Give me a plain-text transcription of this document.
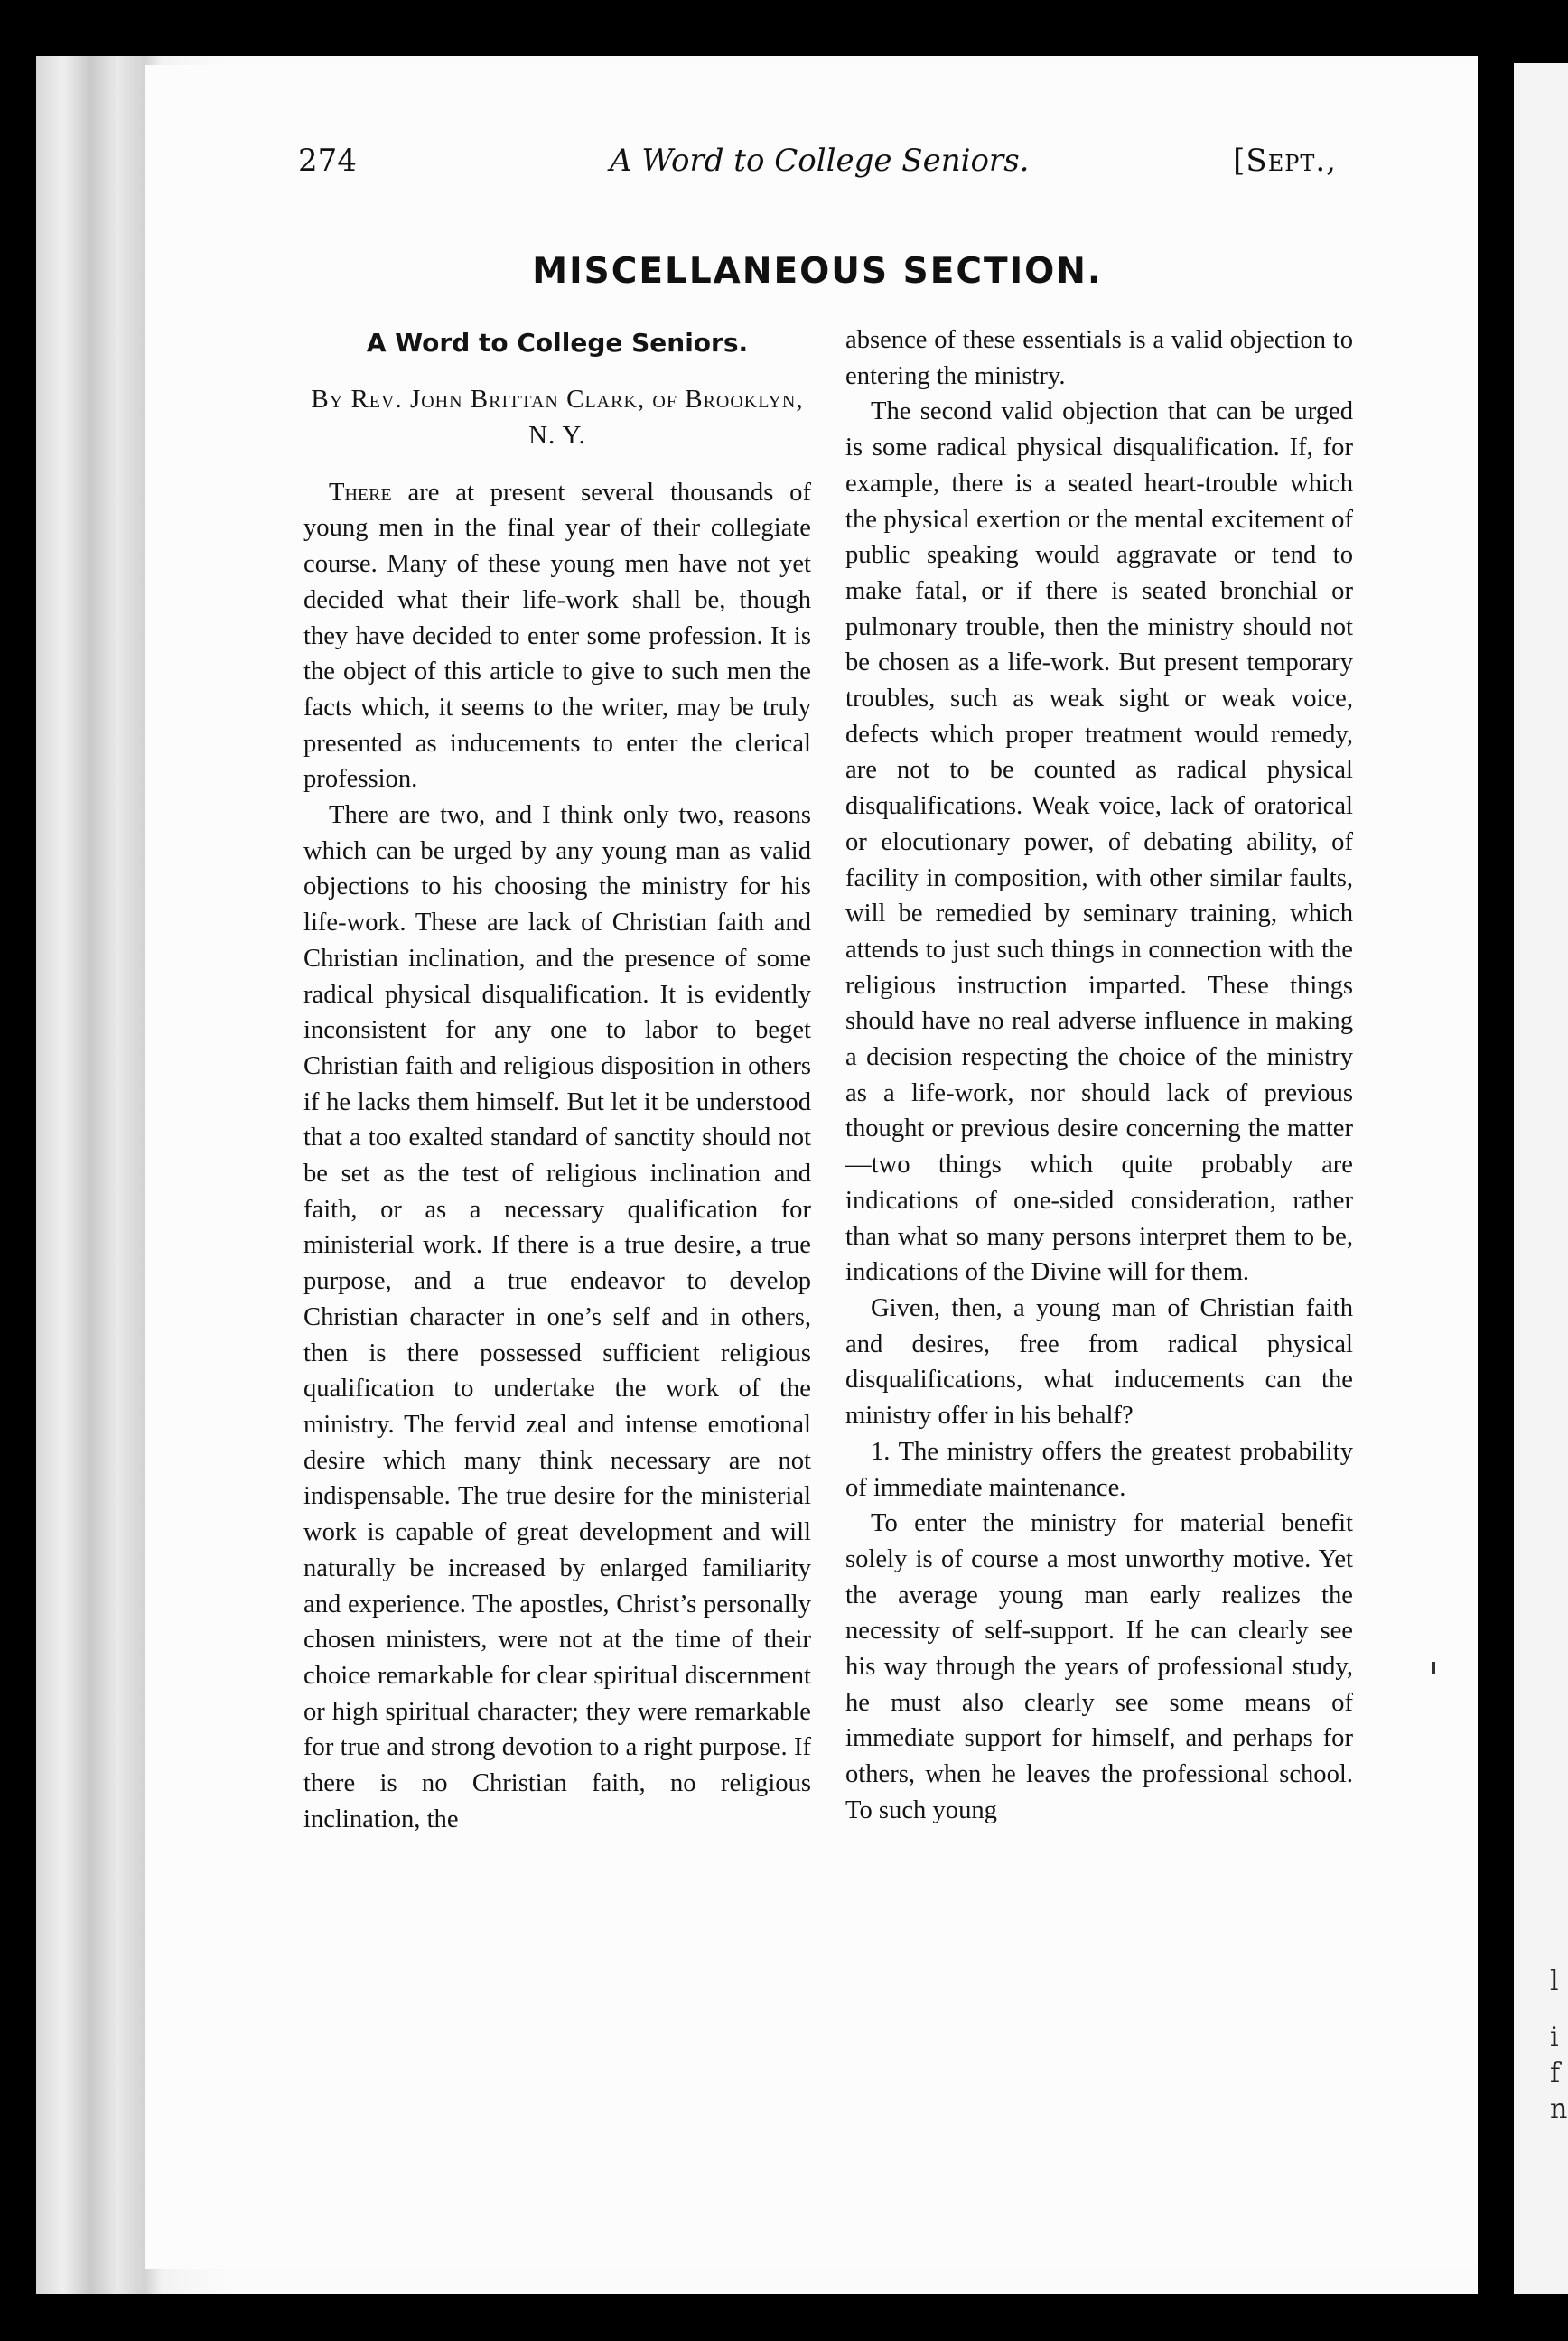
l
i
f
n
274	A Word to College Seniors.	[Sept.,
MISCELLANEOUS SECTION.
A Word to College Seniors.
By Rev. John Brittan Clark, of Brooklyn, N. Y.
There are at present several thousands of young men in the final year of their collegiate course. Many of these young men have not yet decided what their life-work shall be, though they have decided to enter some profession. It is the object of this article to give to such men the facts which, it seems to the writer, may be truly presented as inducements to enter the clerical profession.
There are two, and I think only two, reasons which can be urged by any young man as valid objections to his choosing the ministry for his life-work. These are lack of Christian faith and Christian inclination, and the presence of some radical physical disqualification. It is evidently inconsistent for any one to labor to beget Christian faith and religious disposition in others if he lacks them himself. But let it be understood that a too exalted standard of sanctity should not be set as the test of religious inclination and faith, or as a necessary qualification for ministerial work. If there is a true desire, a true purpose, and a true endeavor to develop Christian character in one’s self and in others, then is there possessed sufficient religious qualification to undertake the work of the ministry. The fervid zeal and intense emotional desire which many think necessary are not indispensable. The true desire for the ministerial work is capable of great development and will naturally be increased by enlarged familiarity and experience. The apostles, Christ’s personally chosen ministers, were not at the time of their choice remarkable for clear spiritual discernment or high spiritual character; they were remarkable for true and strong devotion to a right purpose. If there is no Christian faith, no religious inclination, the
absence of these essentials is a valid objection to entering the ministry.
The second valid objection that can be urged is some radical physical disqualification. If, for example, there is a seated heart-trouble which the physical exertion or the mental excitement of public speaking would aggravate or tend to make fatal, or if there is seated bronchial or pulmonary trouble, then the ministry should not be chosen as a life-work. But present temporary troubles, such as weak sight or weak voice, defects which proper treatment would remedy, are not to be counted as radical physical disqualifications. Weak voice, lack of oratorical or elocutionary power, of debating ability, of facility in composition, with other similar faults, will be remedied by seminary training, which attends to just such things in connection with the religious instruction imparted. These things should have no real adverse influence in making a decision respecting the choice of the ministry as a life-work, nor should lack of previous thought or previous desire concerning the matter—two things which quite probably are indications of one-sided consideration, rather than what so many persons interpret them to be, indications of the Divine will for them.
Given, then, a young man of Christian faith and desires, free from radical physical disqualifications, what inducements can the ministry offer in his behalf?
1. The ministry offers the greatest probability of immediate maintenance.
To enter the ministry for material benefit solely is of course a most unworthy motive. Yet the average young man early realizes the necessity of self-support. If he can clearly see his way through the years of professional study, he must also clearly see some means of immediate support for himself, and perhaps for others, when he leaves the professional school. To such young
